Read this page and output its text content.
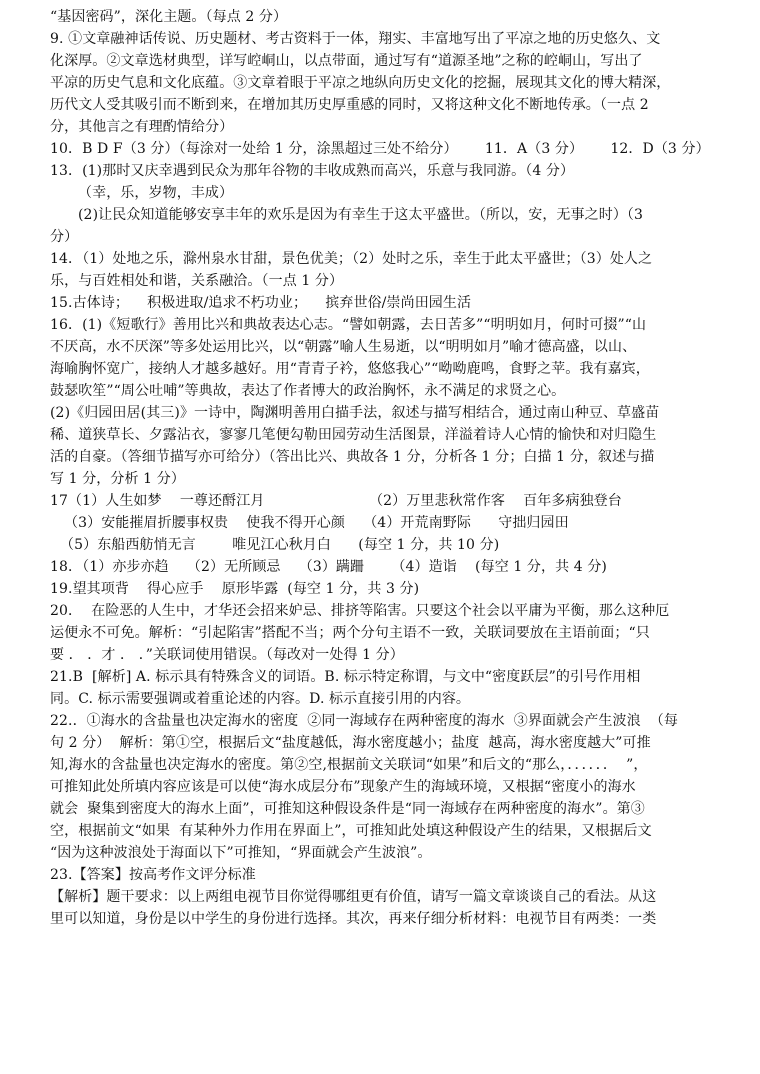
“基因密码”，深化主题。（每点 2 分）
9. ①文章融神话传说、历史题材、考古资料于一体，翔实、丰富地写出了平凉之地的历史悠久、文
化深厚。②文章选材典型，详写崆峒山，以点带面，通过写有“道源圣地”之称的崆峒山，写出了
平凉的历史气息和文化底蕴。③文章着眼于平凉之地纵向历史文化的挖掘，展现其文化的博大精深，
历代文人受其吸引而不断到来，在增加其历史厚重感的同时，又将这种文化不断地传承。（一点 2
分，其他言之有理酌情给分）
10．B D F（3 分）（每涂对一处给 1 分，涂黑超过三处不给分）      11．A（3 分）      12．D（3 分）
13．(1)那时又庆幸遇到民众为那年谷物的丰收成熟而高兴，乐意与我同游。（4 分）
（幸，乐，岁物，丰成）
(2)让民众知道能够安享丰年的欢乐是因为有幸生于这太平盛世。（所以，安，无事之时）（3
分）
14．（1）处地之乐，滁州泉水甘甜，景色优美；（2）处时之乐，幸生于此太平盛世；（3）处人之
乐，与百姓相处和谐，关系融洽。（一点 1 分）
15.古体诗；    积极进取/追求不朽功业；    摈弃世俗/崇尚田园生活
16．(1)《短歌行》善用比兴和典故表达心志。“譬如朝露，去日苦多”“明明如月，何时可掇”“山
不厌高，水不厌深”等多处运用比兴，以“朝露”喻人生易逝，以“明明如月”喻才德高盛，以山、
海喻胸怀宽广，接纳人才越多越好。用“青青子衿，悠悠我心”“呦呦鹿鸣，食野之苹。我有嘉宾，
鼓瑟吹笙”“周公吐哺”等典故，表达了作者博大的政治胸怀，永不满足的求贤之心。
(2)《归园田居(其三)》一诗中，陶渊明善用白描手法，叙述与描写相结合，通过南山种豆、草盛苗
稀、道狭草长、夕露沾衣，寥寥几笔便勾勒田园劳动生活图景，洋溢着诗人心情的愉快和对归隐生
活的自豪。（答细节描写亦可给分）（答出比兴、典故各 1 分，分析各 1 分；白描 1 分，叙述与描
写 1 分，分析 1 分）
17（1）人生如梦    一尊还酹江月                       （2）万里悲秋常作客    百年多病独登台
（3）安能摧眉折腰事权贵    使我不得开心颜    （4）开荒南野际      守拙归园田
（5）东船西舫悄无言        唯见江心秋月白      (每空 1 分，共 10 分)
18．（1）亦步亦趋    （2）无所顾忌    （3）蹒跚      （4）造诣    (每空 1 分，共 4 分)
19.望其项背    得心应手    原形毕露  (每空 1 分，共 3 分)
20．  在险恶的人生中，才华还会招来妒忌、排挤等陷害。只要这个社会以平庸为平衡，那么这种厄
运便永不可免。解析：“引起陷害”搭配不当；两个分句主语不一致，关联词要放在主语前面；“只
要 ． ．才 ． ．”关联词使用错误。（每改对一处得 1 分）
21.B  [解析] A. 标示具有特殊含义的词语。B. 标示特定称谓，与文中“密度跃层”的引号作用相
同。C. 标示需要强调或着重论述的内容。D. 标示直接引用的内容。
22.．①海水的含盐量也决定海水的密度  ②同一海域存在两种密度的海水  ③界面就会产生波浪  （每
句 2 分）  解析：第①空，根据后文“盐度越低，海水密度越小；盐度  越高，海水密度越大”可推
知,海水的含盐量也决定海水的密度。第②空,根据前文关联词“如果”和后文的“那么，．．．．．．  ”，
可推知此处所填内容应该是可以使“海水成层分布”现象产生的海域环境，又根据“密度小的海水
就会  聚集到密度大的海水上面”，可推知这种假设条件是“同一海域存在两种密度的海水”。第③
空，根据前文“如果  有某种外力作用在界面上”，可推知此处填这种假设产生的结果，又根据后文
“因为这种波浪处于海面以下”可推知，“界面就会产生波浪”。
23.【答案】按高考作文评分标准
【解析】题干要求：以上两组电视节目你觉得哪组更有价值，请写一篇文章谈谈自己的看法。从这
里可以知道，身份是以中学生的身份进行选择。其次，再来仔细分析材料：电视节目有两类：一类
